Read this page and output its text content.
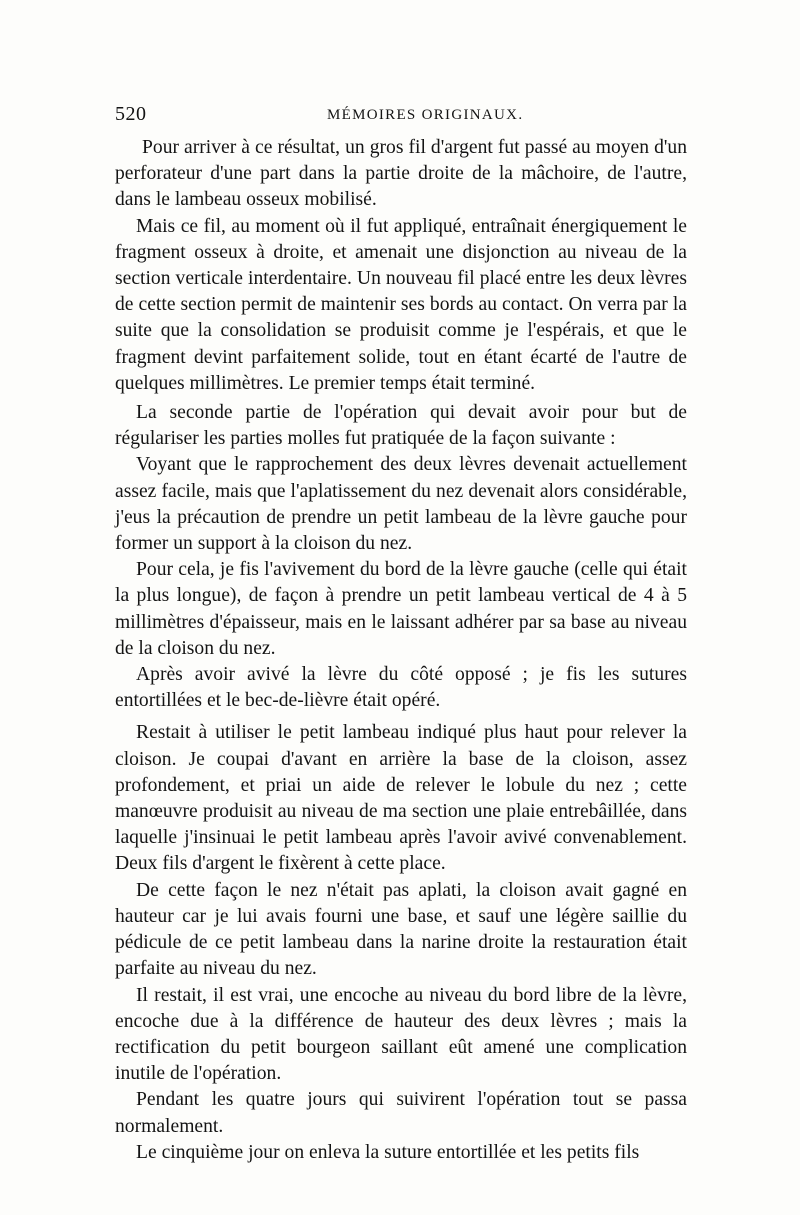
520	MÉMOIRES ORIGINAUX.

Pour arriver à ce résultat, un gros fil d'argent fut passé au moyen d'un perforateur d'une part dans la partie droite de la mâchoire, de l'autre, dans le lambeau osseux mobilisé.

Mais ce fil, au moment où il fut appliqué, entraînait énergiquement le fragment osseux à droite, et amenait une disjonction au niveau de la section verticale interdentaire. Un nouveau fil placé entre les deux lèvres de cette section permit de maintenir ses bords au contact. On verra par la suite que la consolidation se produisit comme je l'espérais, et que le fragment devint parfaitement solide, tout en étant écarté de l'autre de quelques millimètres. Le premier temps était terminé.

La seconde partie de l'opération qui devait avoir pour but de régulariser les parties molles fut pratiquée de la façon suivante :

Voyant que le rapprochement des deux lèvres devenait actuellement assez facile, mais que l'aplatissement du nez devenait alors considérable, j'eus la précaution de prendre un petit lambeau de la lèvre gauche pour former un support à la cloison du nez.

Pour cela, je fis l'avivement du bord de la lèvre gauche (celle qui était la plus longue), de façon à prendre un petit lambeau vertical de 4 à 5 millimètres d'épaisseur, mais en le laissant adhérer par sa base au niveau de la cloison du nez.

Après avoir avivé la lèvre du côté opposé ; je fis les sutures entortillées et le bec-de-lièvre était opéré.

Restait à utiliser le petit lambeau indiqué plus haut pour relever la cloison. Je coupai d'avant en arrière la base de la cloison, assez profondement, et priai un aide de relever le lobule du nez ; cette manœuvre produisit au niveau de ma section une plaie entrebâillée, dans laquelle j'insinuai le petit lambeau après l'avoir avivé convenablement. Deux fils d'argent le fixèrent à cette place.

De cette façon le nez n'était pas aplati, la cloison avait gagné en hauteur car je lui avais fourni une base, et sauf une légère saillie du pédicule de ce petit lambeau dans la narine droite la restauration était parfaite au niveau du nez.

Il restait, il est vrai, une encoche au niveau du bord libre de la lèvre, encoche due à la différence de hauteur des deux lèvres ; mais la rectification du petit bourgeon saillant eût amené une complication inutile de l'opération.

Pendant les quatre jours qui suivirent l'opération tout se passa normalement.

Le cinquième jour on enleva la suture entortillée et les petits fils
